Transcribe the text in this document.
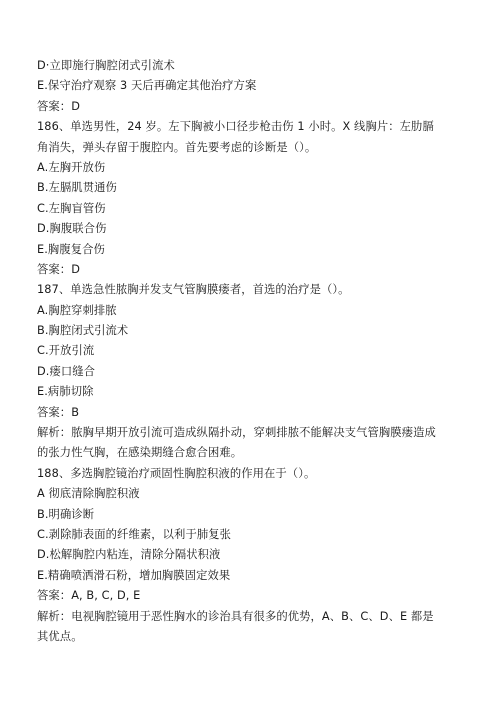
D·立即施行胸腔闭式引流术
E.保守治疗观察 3 天后再确定其他治疗方案
答案：D
186、单选男性，24 岁。左下胸被小口径步枪击伤 1 小时。X 线胸片：左肋膈
角消失，弹头存留于腹腔内。首先要考虑的诊断是（）。
A.左胸开放伤
B.左膈肌贯通伤
C.左胸盲管伤
D.胸腹联合伤
E.胸腹复合伤
答案：D
187、单选急性脓胸并发支气管胸膜瘘者，首选的治疗是（）。
A.胸腔穿刺排脓
B.胸腔闭式引流术
C.开放引流
D.瘘口缝合
E.病肺切除
答案：B
解析：脓胸早期开放引流可造成纵隔扑动，穿刺排脓不能解决支气管胸膜瘘造成
的张力性气胸，在感染期缝合愈合困难。
188、多选胸腔镜治疗顽固性胸腔积液的作用在于（）。
A 彻底清除胸腔积液
B.明确诊断
C.剥除肺表面的纤维素，以利于肺复张
D.松解胸腔内粘连，清除分隔状积液
E.精确喷洒滑石粉，增加胸膜固定效果
答案：A, B, C, D, E
解析：电视胸腔镜用于恶性胸水的诊治具有很多的优势，A、B、C、D、E 都是
其优点。
